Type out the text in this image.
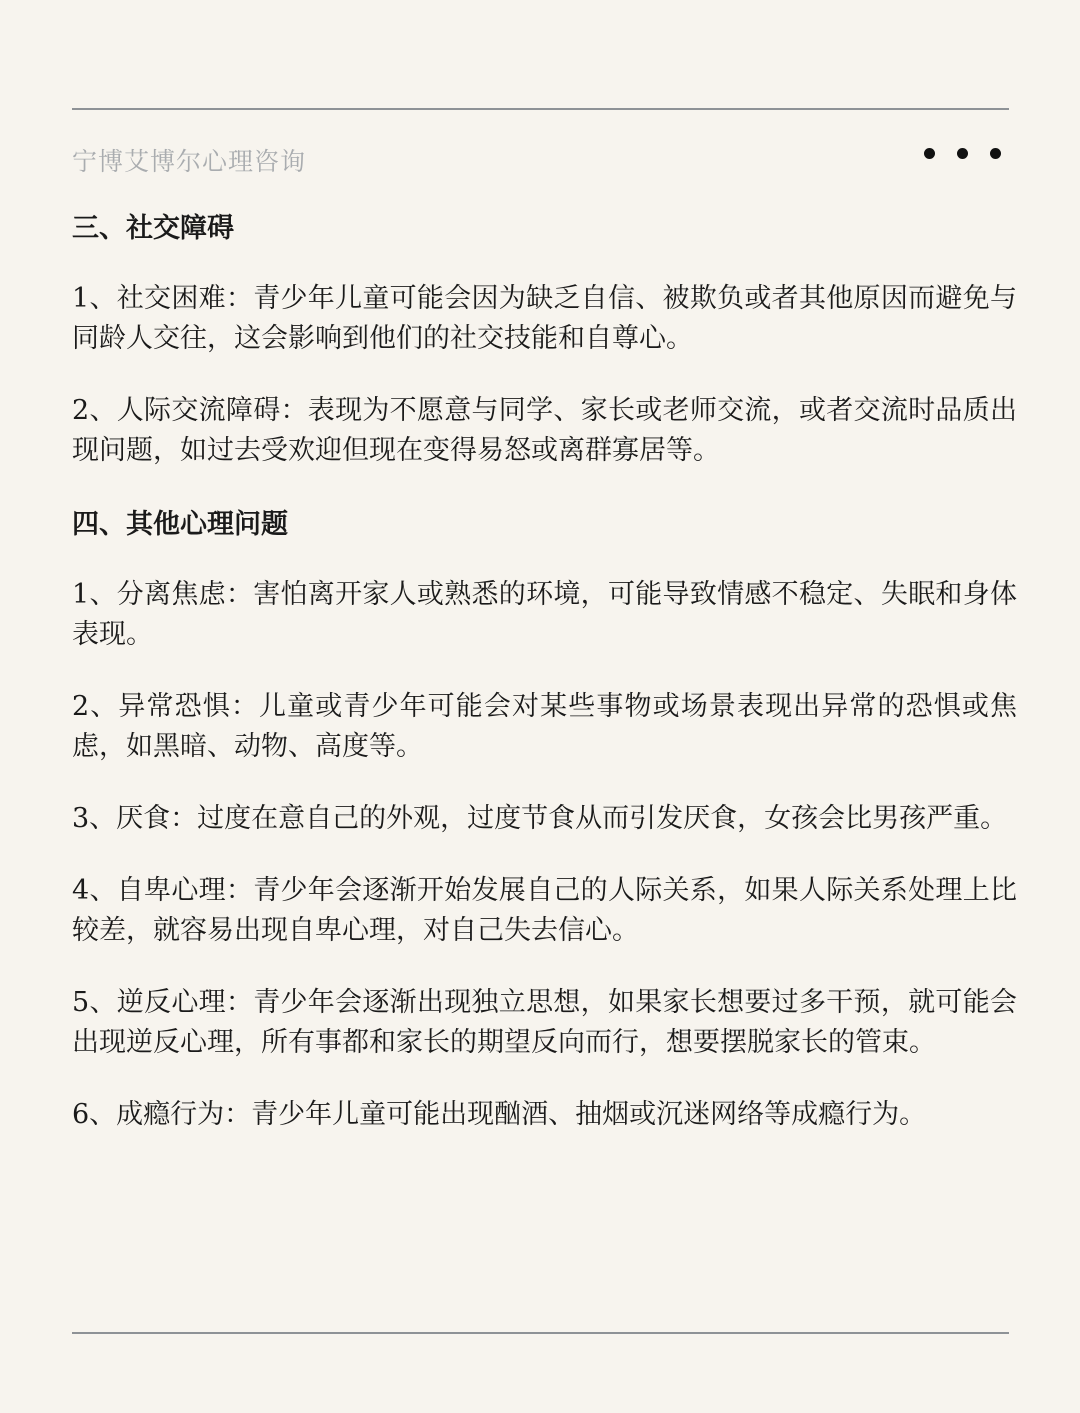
宁博艾博尔心理咨询
三、社交障碍

1、社交困难：青少年儿童可能会因为缺乏自信、被欺负或者其他原因而避免与同龄人交往，这会影响到他们的社交技能和自尊心。

2、人际交流障碍：表现为不愿意与同学、家长或老师交流，或者交流时品质出现问题，如过去受欢迎但现在变得易怒或离群寡居等。

四、其他心理问题

1、分离焦虑：害怕离开家人或熟悉的环境，可能导致情感不稳定、失眠和身体表现。

2、异常恐惧：儿童或青少年可能会对某些事物或场景表现出异常的恐惧或焦虑，如黑暗、动物、高度等。

3、厌食：过度在意自己的外观，过度节食从而引发厌食，女孩会比男孩严重。

4、自卑心理：青少年会逐渐开始发展自己的人际关系，如果人际关系处理上比较差，就容易出现自卑心理，对自己失去信心。

5、逆反心理：青少年会逐渐出现独立思想，如果家长想要过多干预，就可能会出现逆反心理，所有事都和家长的期望反向而行，想要摆脱家长的管束。

6、成瘾行为：青少年儿童可能出现酗酒、抽烟或沉迷网络等成瘾行为。
